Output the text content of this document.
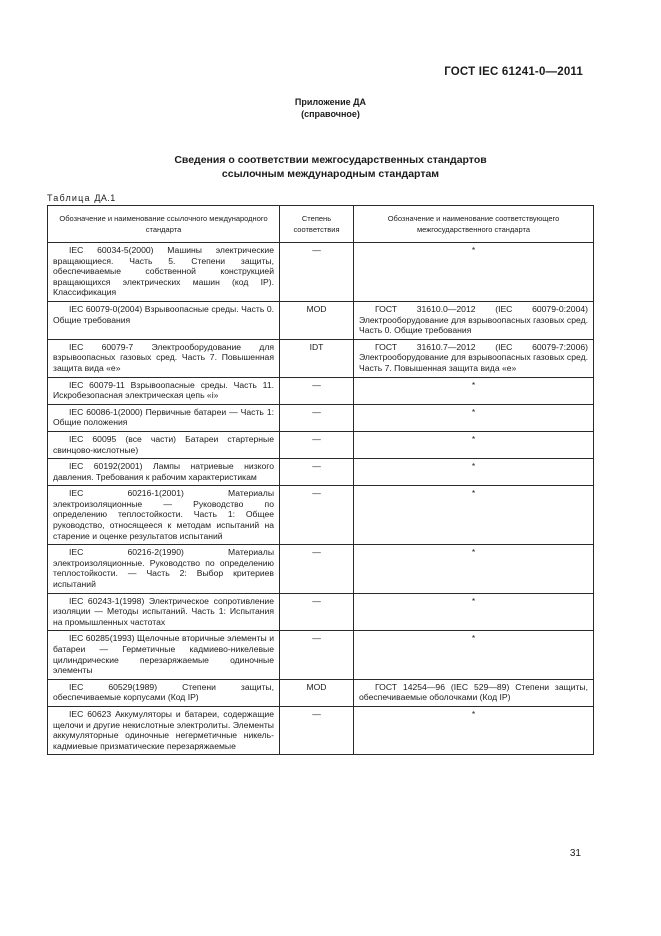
ГОСТ IEC 61241-0—2011
Приложение ДА
(справочное)
Сведения о соответствии межгосударственных стандартов
ссылочным международным стандартам
Таблица ДА.1
Обозначение и наименование ссылочного международного стандарта	Степень соответствия	Обозначение и наименование соответствующего межгосударственного стандарта
IEC 60034-5(2000) Машины электрические вращающиеся. Часть 5. Степени защиты, обеспечиваемые собственной конструкцией вращающихся электрических машин (код IP). Классификация	—	*
IEC 60079-0(2004) Взрывоопасные среды. Часть 0. Общие требования	MOD	ГОСТ 31610.0—2012 (IEC 60079-0:2004) Электрооборудование для взрывоопасных газовых сред. Часть 0. Общие требования
IEC 60079-7 Электрооборудование для взрывоопасных газовых сред. Часть 7. Повышенная защита вида «е»	IDT	ГОСТ 31610.7—2012 (IEC 60079-7:2006) Электрооборудование для взрывоопасных газовых сред. Часть 7. Повышенная защита вида «е»
IEC 60079-11 Взрывоопасные среды. Часть 11. Искробезопасная электрическая цепь «i»	—	*
IEC 60086-1(2000) Первичные батареи — Часть 1: Общие положения	—	*
IEC 60095 (все части) Батареи стартерные свинцово-кислотные)	—	*
IEC 60192(2001) Лампы натриевые низкого давления. Требования к рабочим характеристикам	—	*
IEC 60216-1(2001) Материалы электроизоляционные — Руководство по определению теплостойкости. Часть 1: Общее руководство, относящееся к методам испытаний на старение и оценке результатов испытаний	—	*
IEC 60216-2(1990) Материалы электроизоляционные. Руководство по определению теплостойкости. — Часть 2: Выбор критериев испытаний	—	*
IEC 60243-1(1998) Электрическое сопротивление изоляции — Методы испытаний. Часть 1: Испытания на промышленных частотах	—	*
IEC 60285(1993) Щелочные вторичные элементы и батареи — Герметичные кадмиево-никелевые цилиндрические перезаряжаемые одиночные элементы	—	*
IEC 60529(1989) Степени защиты, обеспечиваемые корпусами (Код IP)	MOD	ГОСТ 14254—96 (IEC 529—89) Степени защиты, обеспечиваемые оболочками (Код IP)
IEC 60623 Аккумуляторы и батареи, содержащие щелочи и другие некислотные электролиты. Элементы аккумуляторные одиночные негерметичные никель-кадмиевые призматические перезаряжаемые	—	*
31
